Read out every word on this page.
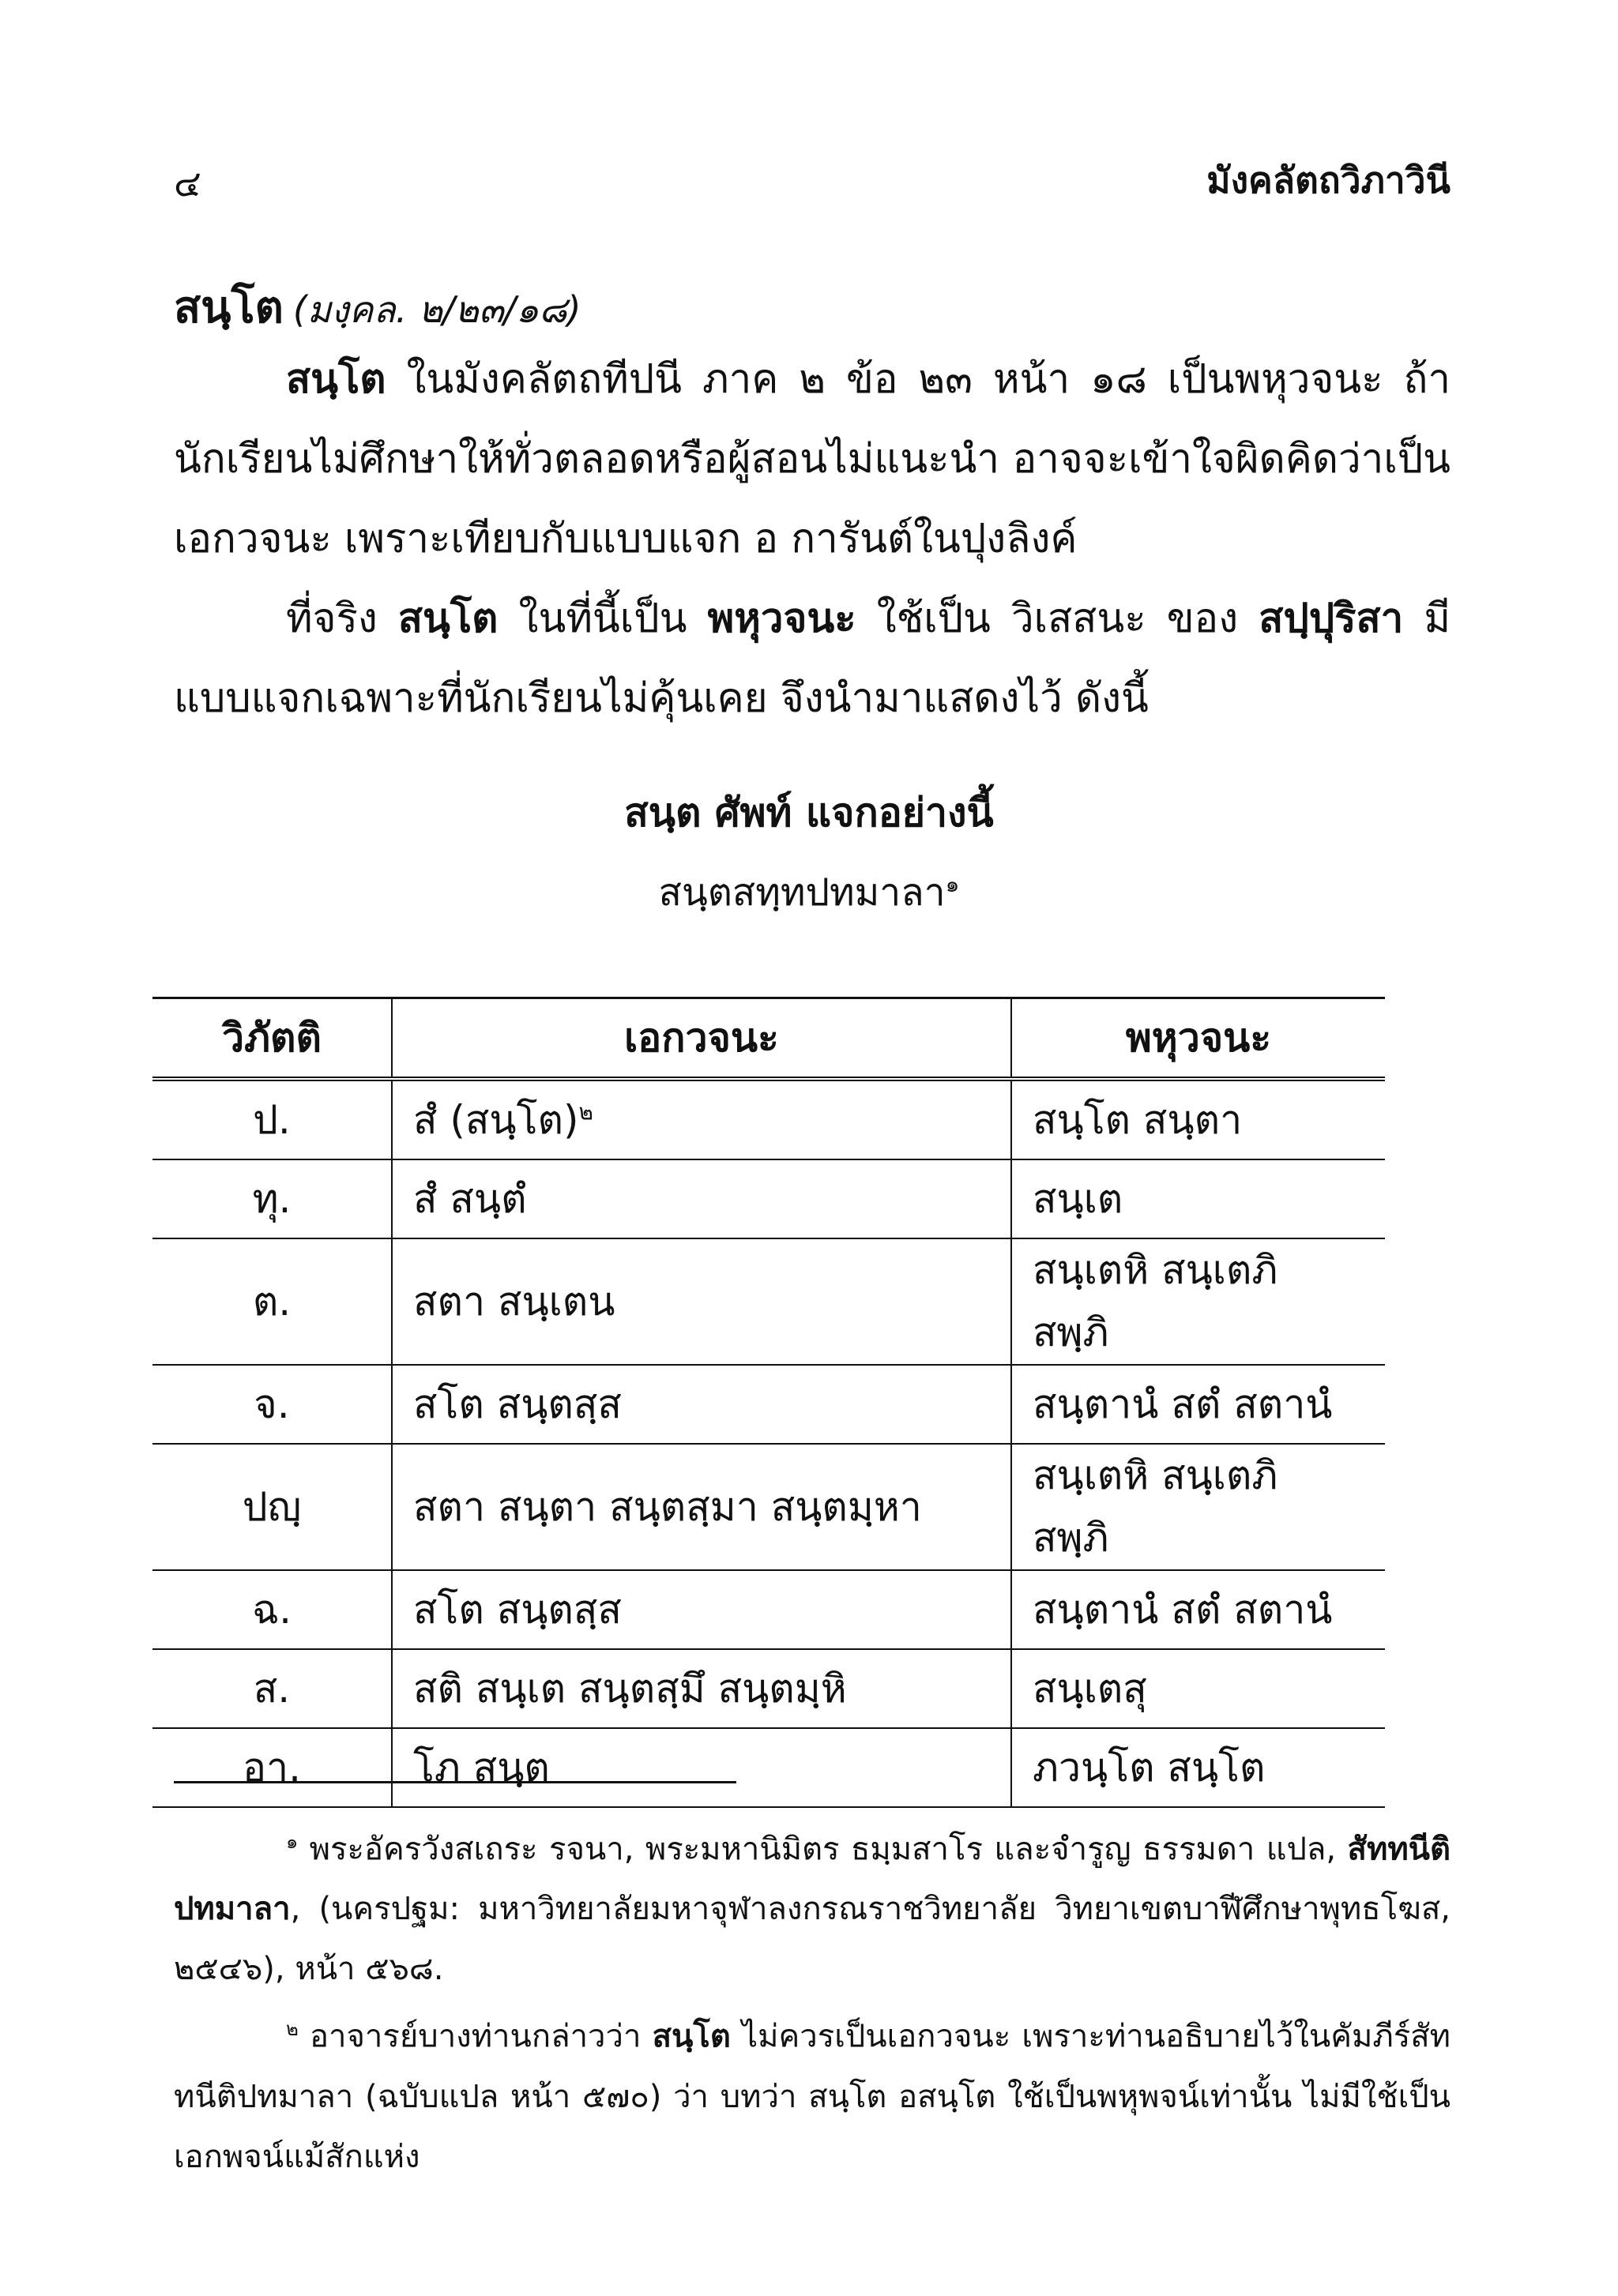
๔	มังคลัตถวิภาวินี
สนฺโต (มงฺคล. ๒/๒๓/๑๘)

สนฺโต ในมังคลัตถทีปนี ภาค ๒ ข้อ ๒๓ หน้า ๑๘ เป็นพหุวจนะ ถ้านักเรียนไม่ศึกษาให้ทั่วตลอดหรือผู้สอนไม่แนะนำ อาจจะเข้าใจผิดคิดว่าเป็นเอกวจนะ เพราะเทียบกับแบบแจก อ การันต์ในปุงลิงค์

ที่จริง สนฺโต ในที่นี้เป็น พหุวจนะ ใช้เป็น วิเสสนะ ของ สปฺปุริสา มีแบบแจกเฉพาะที่นักเรียนไม่คุ้นเคย จึงนำมาแสดงไว้ ดังนี้

สนฺต ศัพท์ แจกอย่างนี้
สนฺตสทฺทปทมาลา$^๑$
วิภัตติ	เอกวจนะ	พหุวจนะ
ป.	สํ (สนฺโต)$^๒$	สนฺโต สนฺตา
ทุ.	สํ สนฺตํ	สนฺเต
ต.	สตา สนฺเตน	สนฺเตหิ สนฺเตภิ สพฺภิ
จ.	สโต สนฺตสฺส	สนฺตานํ สตํ สตานํ
ปญฺ	สตา สนฺตา สนฺตสฺมา สนฺตมฺหา	สนฺเตหิ สนฺเตภิ สพฺภิ
ฉ.	สโต สนฺตสฺส	สนฺตานํ สตํ สตานํ
ส.	สติ สนฺเต สนฺตสฺมึ สนฺตมฺหิ	สนฺเตสุ
อา.	โภ สนฺต	ภวนฺโต สนฺโต

$^๑$ พระอัครวังสเถระ รจนา, พระมหานิมิตร ธมฺมสาโร และจำรูญ ธรรมดา แปล, สัททนีติปทมาลา, (นครปฐม: มหาวิทยาลัยมหาจุฬาลงกรณราชวิทยาลัย วิทยาเขตบาฬีศึกษาพุทธโฆส, ๒๕๔๖), หน้า ๕๖๘.

$^๒$ อาจารย์บางท่านกล่าวว่า สนฺโต ไม่ควรเป็นเอกวจนะ เพราะท่านอธิบายไว้ในคัมภีร์สัททนีติปทมาลา (ฉบับแปล หน้า ๕๗๐) ว่า บทว่า สนฺโต อสนฺโต ใช้เป็นพหุพจน์เท่านั้น ไม่มีใช้เป็นเอกพจน์แม้สักแห่ง
